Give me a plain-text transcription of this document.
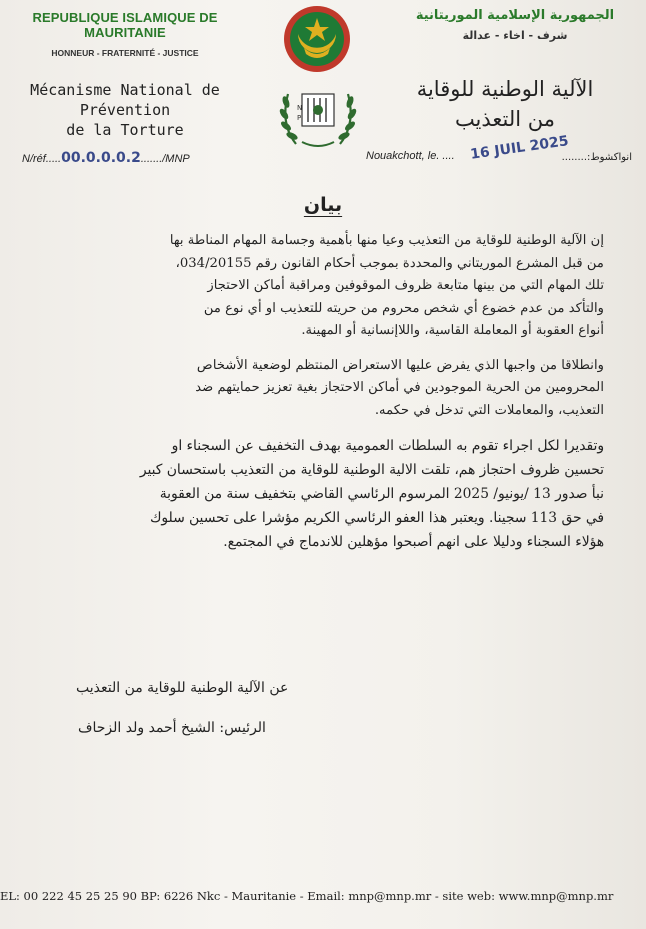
REPUBLIQUE ISLAMIQUE DE MAURITANIE
HONNEUR - FRATERNITÉ - JUSTICE
الجمهورية الإسلامية الموريتانية
شرف - اخاء - عدالة
Mécanisme National de Prévention
de la Torture
N
P
الآلية الوطنية للوقاية
من التعذيب
N/réf.....00.0.0.0.2......./MNP	Nouakchott, le. .... 16 JUIL 2025
انواكشوط:........
بيان
إن الآلية الوطنية للوقاية من التعذيب وعيا منها بأهمية وجسامة المهام المناطة بها
من قبل المشرع الموريتاني والمحددة بموجب أحكام القانون رقم 034/20155،
تلك المهام التي من بينها متابعة ظروف الموقوفين ومراقبة أماكن الاحتجاز
والتأكد من عدم خضوع أي شخص محروم من حريته للتعذيب او أي نوع من
أنواع العقوبة أو المعاملة القاسية، واللاإنسانية أو المهينة.
وانطلاقا من واجبها الذي يفرض عليها الاستعراض المنتظم لوضعية الأشخاص
المحرومين من الحرية الموجودين في أماكن الاحتجاز بغية تعزيز حمايتهم ضد
التعذيب، والمعاملات التي تدخل في حكمه.
وتقديرا لكل اجراء تقوم به السلطات العمومية بهدف التخفيف عن السجناء او
تحسين ظروف احتجاز هم، تلقت الالية الوطنية للوقاية من التعذيب باستحسان كبير
نبأ صدور 13 /يونيو/ 2025 المرسوم الرئاسي القاضي بتخفيف سنة من العقوبة
في حق 113 سجينا. ويعتبر هذا العفو الرئاسي الكريم مؤشرا على تحسين سلوك
هؤلاء السجناء ودليلا على انهم أصبحوا مؤهلين للاندماج في المجتمع.
عن الآلية الوطنية للوقاية من التعذيب
الرئيس: الشيخ أحمد ولد الزحاف
EL: 00 222 45 25 25 90 BP: 6226 Nkc - Mauritanie - Email: mnp@mnp.mr - site web: www.mnp@mnp.mr
